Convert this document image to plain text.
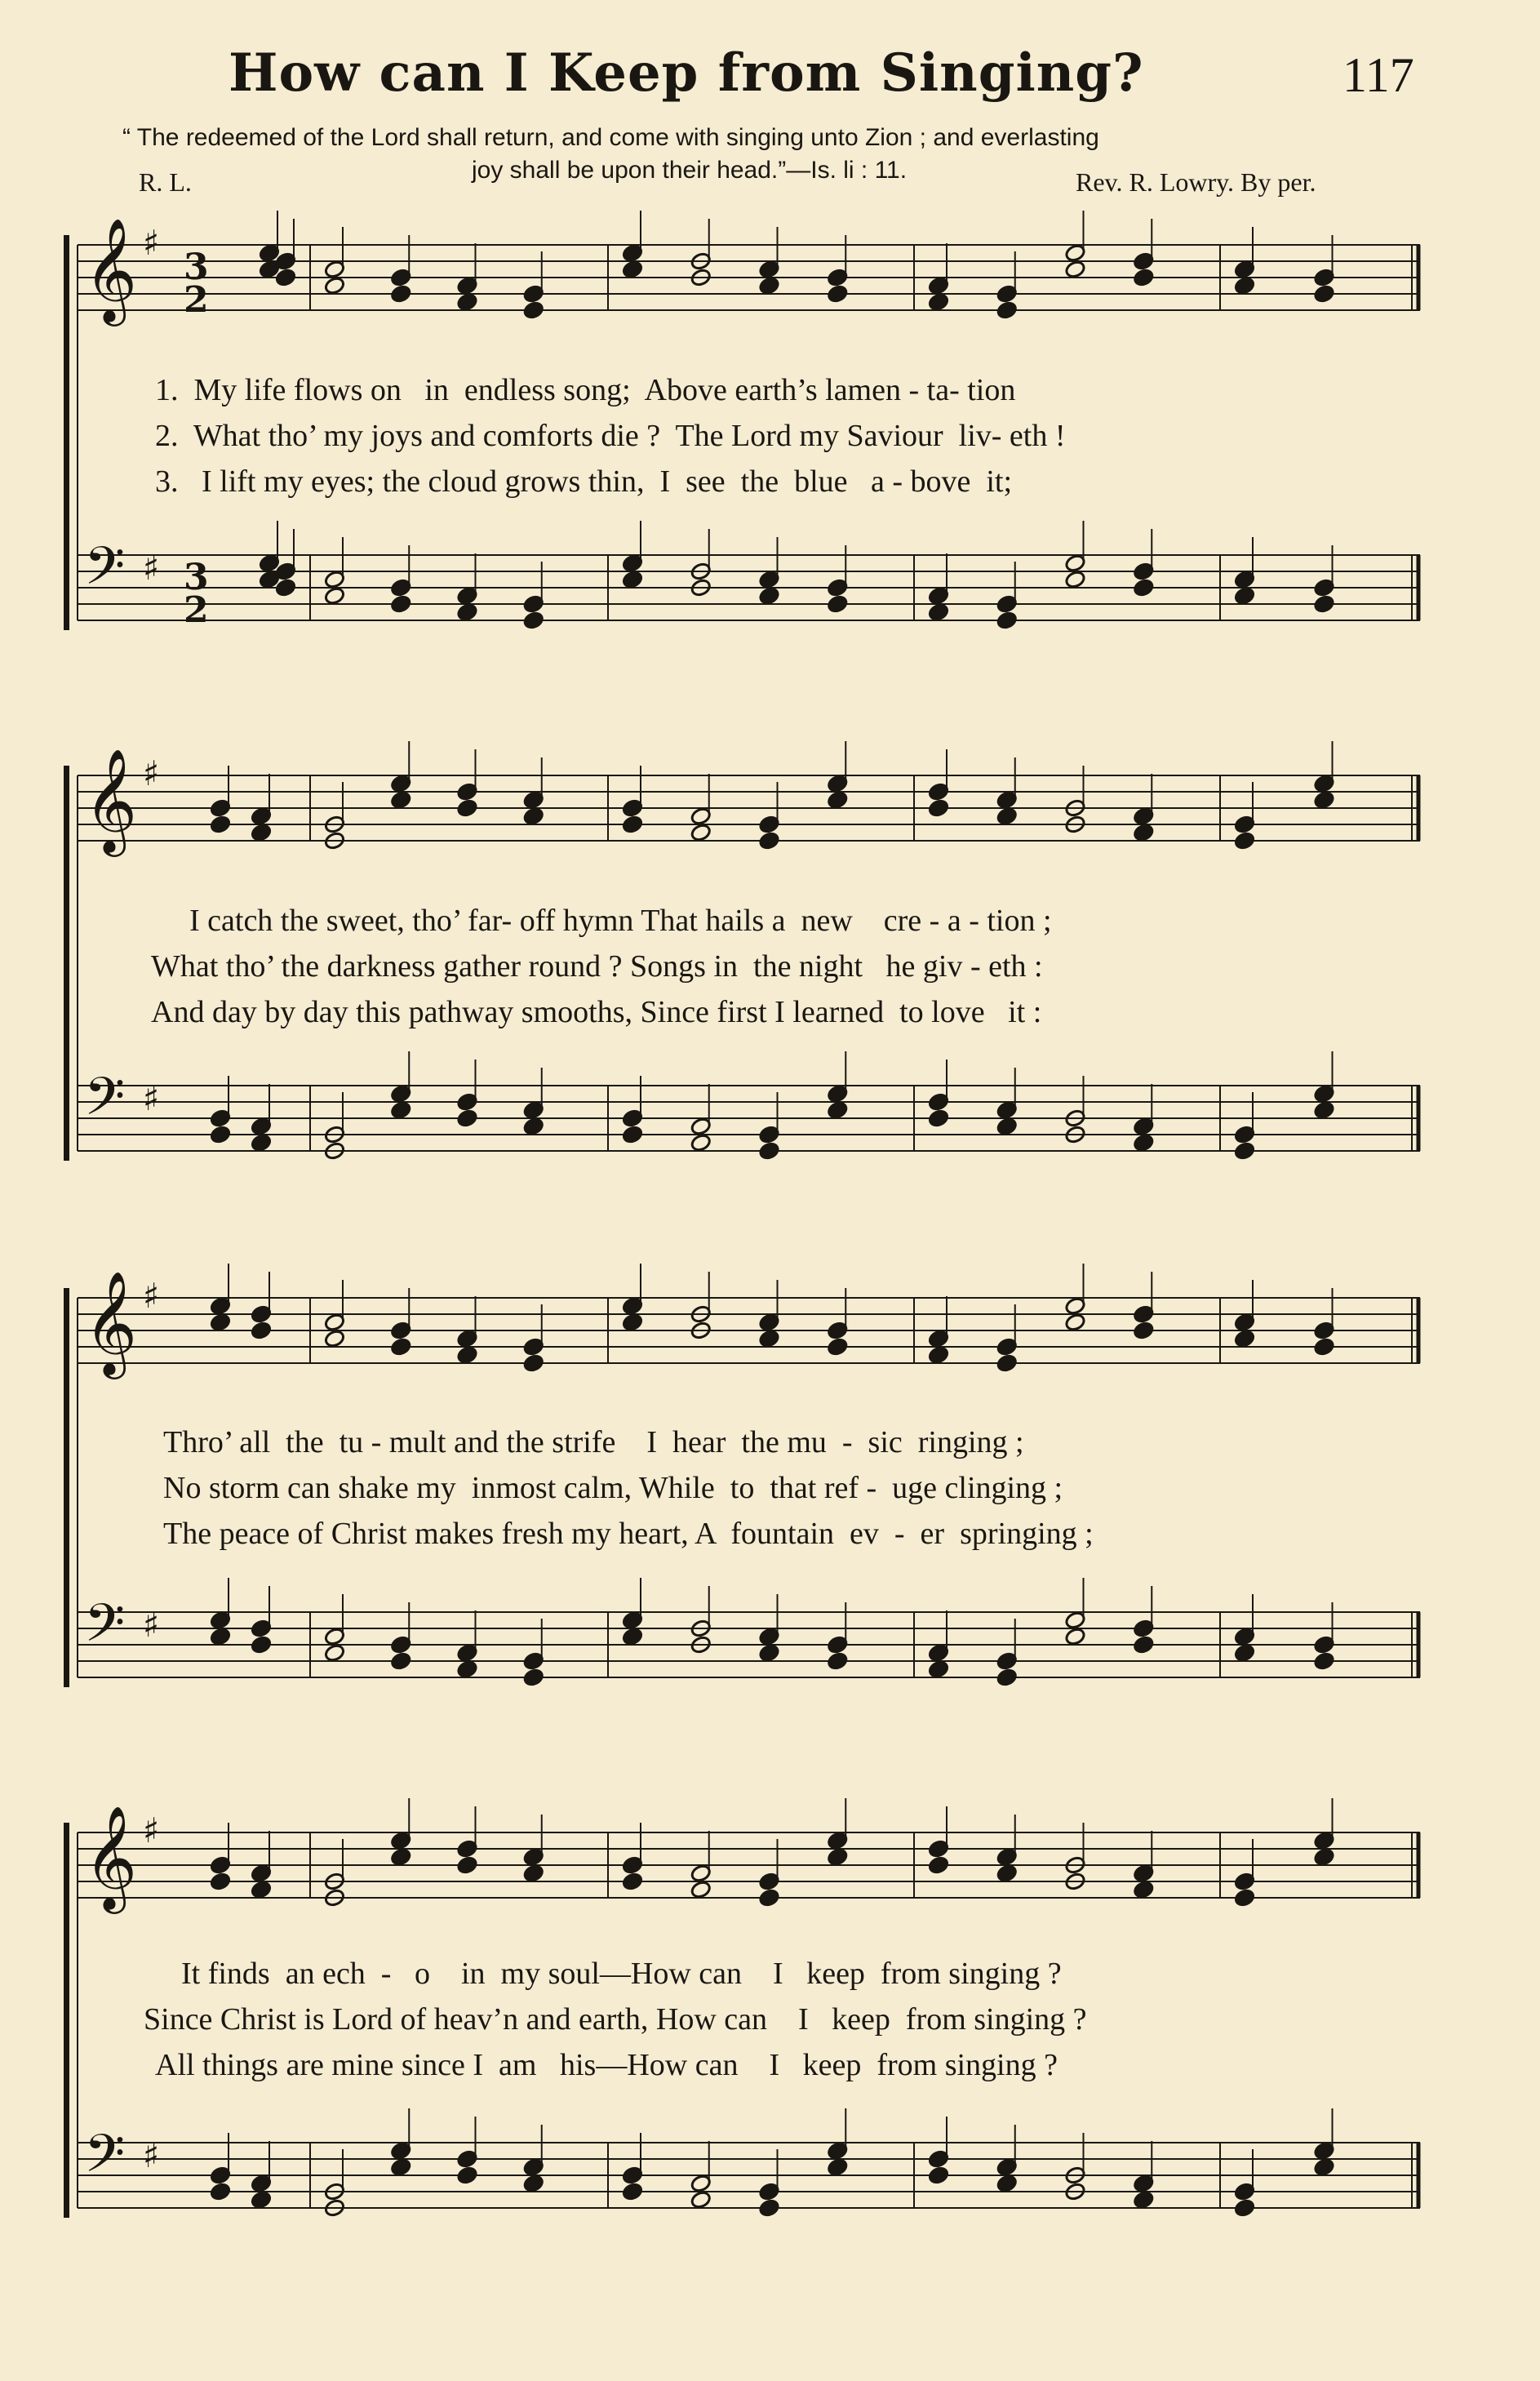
How can I Keep from Singing?	117
“ The redeemed of the Lord shall return, and come with singing unto Zion ; and everlasting
joy shall be upon their head.”—Is. li : 11.
R. L.	Rev. R. Lowry. By per.
𝄞 ♯
3
2
𝄞 ♯
𝄞 ♯
𝄞 ♯
𝄢 ♯ 3
2
𝄢 ♯
𝄢 ♯
𝄢 ♯
1.  My life flows on   in  endless song;  Above earth’s lamen - ta- tion
2.  What tho’ my joys and comforts die ?  The Lord my Saviour  liv- eth !
3.   I lift my eyes; the cloud grows thin,  I  see  the  blue   a - bove  it;
I catch the sweet, tho’ far- off hymn That hails a  new    cre - a - tion ;
What tho’ the darkness gather round ? Songs in  the night   he giv - eth :
And day by day this pathway smooths, Since first I learned  to love   it :
Thro’ all  the  tu - mult and the strife    I  hear  the mu  -  sic  ringing ;
No storm can shake my  inmost calm, While  to  that ref -  uge clinging ;
The peace of Christ makes fresh my heart, A  fountain  ev  -  er  springing ;
It finds  an ech  -   o    in  my soul—How can    I   keep  from singing ?
Since Christ is Lord of heav’n and earth, How can    I   keep  from singing ?
All things are mine since I  am   his—How can    I   keep  from singing ?
